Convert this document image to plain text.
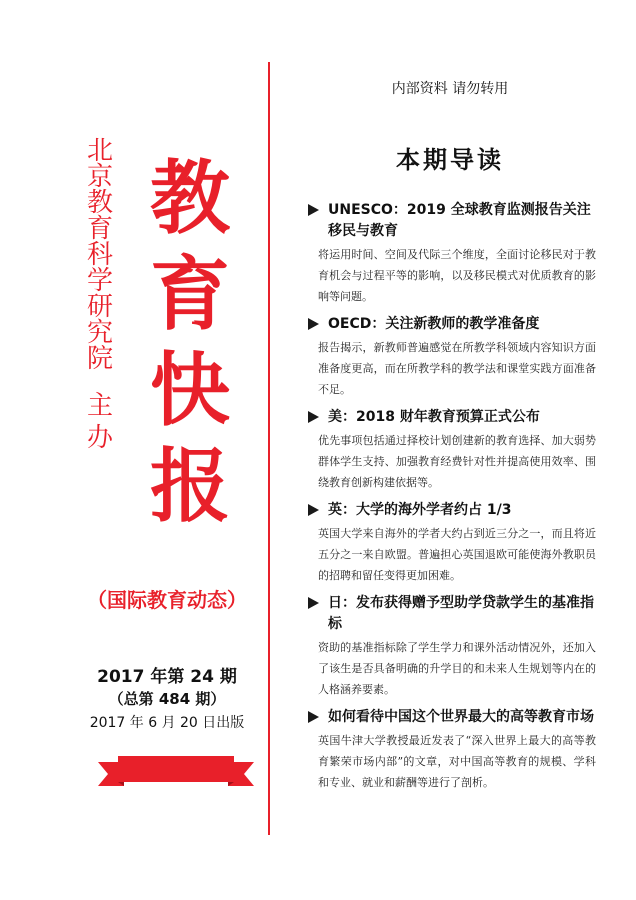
北
京
教
育
科
学
研
究
院
主
办
教
育
快
报
（国际教育动态）
2017 年第 24 期
（总第 484 期）
2017 年 6 月 20 日出版
内部资料 请勿转用
本期导读
UNESCO：2019 全球教育监测报告关注移民与教育
将运用时间、空间及代际三个维度，全面讨论移民对于教育机会与过程平等的影响，以及移民模式对优质教育的影响等问题。
OECD：关注新教师的教学准备度
报告揭示，新教师普遍感觉在所教学科领域内容知识方面准备度更高，而在所教学科的教学法和课堂实践方面准备不足。
美：2018 财年教育预算正式公布
优先事项包括通过择校计划创建新的教育选择、加大弱势群体学生支持、加强教育经费针对性并提高使用效率、围绕教育创新构建依据等。
英：大学的海外学者约占 1/3
英国大学来自海外的学者大约占到近三分之一，而且将近五分之一来自欧盟。普遍担心英国退欧可能使海外教职员的招聘和留任变得更加困难。
日：发布获得赠予型助学贷款学生的基准指标
资助的基准指标除了学生学力和课外活动情况外，还加入了该生是否具备明确的升学目的和未来人生规划等内在的人格涵养要素。
如何看待中国这个世界最大的高等教育市场
英国牛津大学教授最近发表了“深入世界上最大的高等教育繁荣市场内部”的文章，对中国高等教育的规模、学科和专业、就业和薪酬等进行了剖析。
